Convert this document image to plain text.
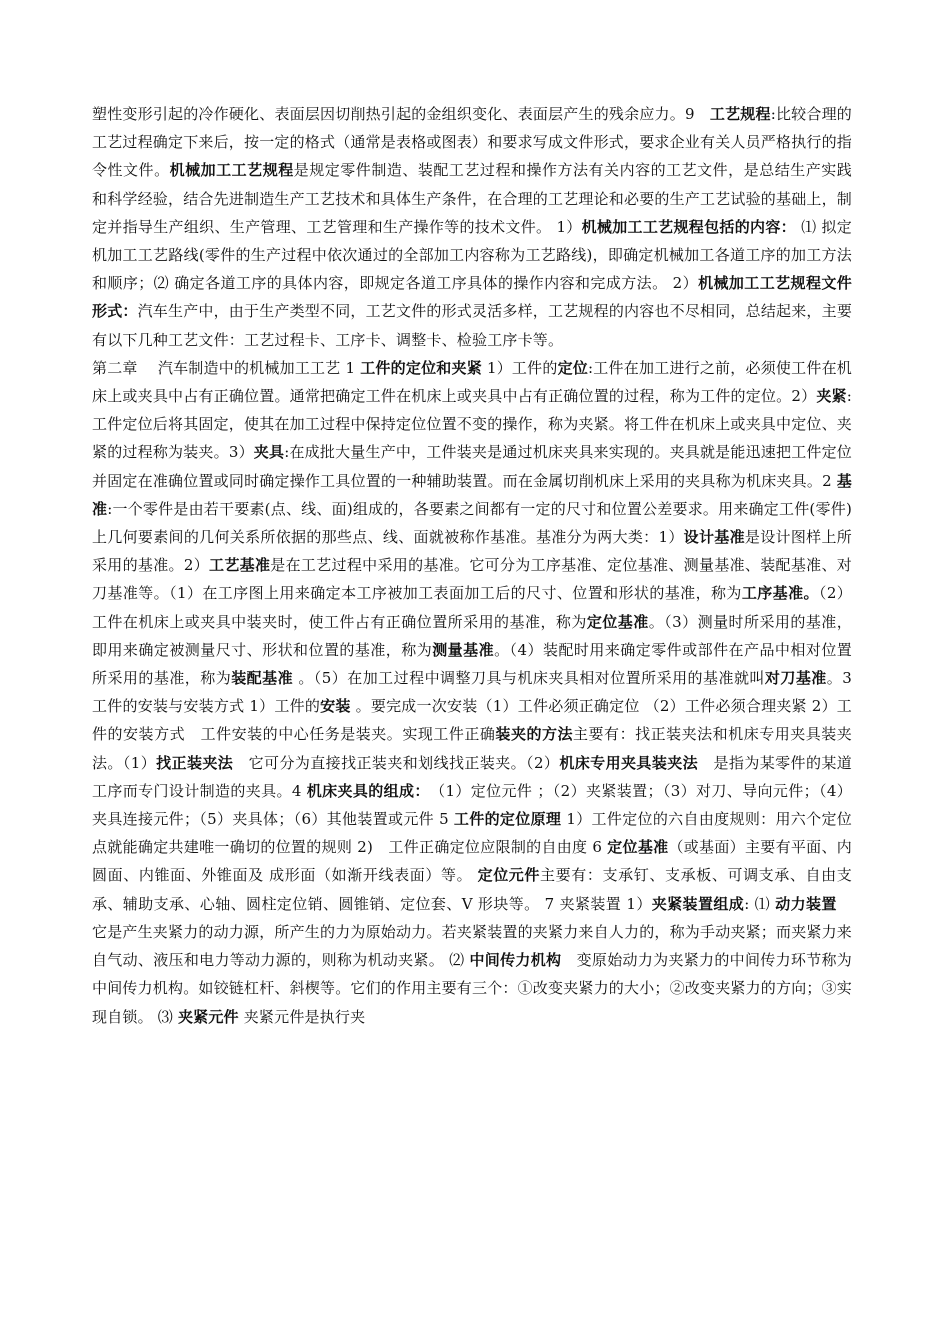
塑性变形引起的冷作硬化、表面层因切削热引起的金组织变化、表面层产生的残余应力。9　工艺规程:比较合理的工艺过程确定下来后，按一定的格式（通常是表格或图表）和要求写成文件形式，要求企业有关人员严格执行的指令性文件。机械加工工艺规程是规定零件制造、装配工艺过程和操作方法有关内容的工艺文件，是总结生产实践和科学经验，结合先进制造生产工艺技术和具体生产条件，在合理的工艺理论和必要的生产工艺试验的基础上，制定并指导生产组织、生产管理、工艺管理和生产操作等的技术文件。 1）机械加工工艺规程包括的内容： ⑴ 拟定机加工工艺路线(零件的生产过程中依次通过的全部加工内容称为工艺路线)，即确定机械加工各道工序的加工方法和顺序；⑵ 确定各道工序的具体内容，即规定各道工序具体的操作内容和完成方法。 2）机械加工工艺规程文件形式：汽车生产中，由于生产类型不同，工艺文件的形式灵活多样，工艺规程的内容也不尽相同，总结起来，主要有以下几种工艺文件：工艺过程卡、工序卡、调整卡、检验工序卡等。

第二章　 汽车制造中的机械加工工艺 1 工件的定位和夹紧 1）工件的定位:工件在加工进行之前，必须使工件在机床上或夹具中占有正确位置。通常把确定工件在机床上或夹具中占有正确位置的过程，称为工件的定位。2）夹紧:工件定位后将其固定，使其在加工过程中保持定位位置不变的操作，称为夹紧。将工件在机床上或夹具中定位、夹紧的过程称为装夹。3）夹具:在成批大量生产中，工件装夹是通过机床夹具来实现的。夹具就是能迅速把工件定位并固定在准确位置或同时确定操作工具位置的一种辅助装置。而在金属切削机床上采用的夹具称为机床夹具。2 基准:一个零件是由若干要素(点、线、面)组成的，各要素之间都有一定的尺寸和位置公差要求。用来确定工件(零件)上几何要素间的几何关系所依据的那些点、线、面就被称作基准。基准分为两大类：1）设计基准是设计图样上所采用的基准。2）工艺基准是在工艺过程中采用的基准。它可分为工序基准、定位基准、测量基准、装配基准、对刀基准等。（1）在工序图上用来确定本工序被加工表面加工后的尺寸、位置和形状的基准，称为工序基准。（2）工件在机床上或夹具中装夹时，使工件占有正确位置所采用的基准，称为定位基准。（3）测量时所采用的基准，即用来确定被测量尺寸、形状和位置的基准，称为测量基准。（4）装配时用来确定零件或部件在产品中相对位置所采用的基准，称为装配基准 。（5）在加工过程中调整刀具与机床夹具相对位置所采用的基准就叫对刀基准。3 工件的安装与安装方式 1）工件的安装 。要完成一次安装（1）工件必须正确定位 （2）工件必须合理夹紧 2）工件的安装方式　工件安装的中心任务是装夹。实现工件正确装夹的方法主要有：找正装夹法和机床专用夹具装夹法。（1）找正装夹法　它可分为直接找正装夹和划线找正装夹。（2）机床专用夹具装夹法　是指为某零件的某道工序而专门设计制造的夹具。4 机床夹具的组成：　（1）定位元件 ；（2）夹紧装置；（3）对刀、导向元件；（4）夹具连接元件；（5）夹具体；（6）其他装置或元件 5 工件的定位原理 1）工件定位的六自由度规则：用六个定位点就能确定共建唯一确切的位置的规则 2)　工件正确定位应限制的自由度 6 定位基准（或基面）主要有平面、内圆面、内锥面、外锥面及 成形面（如渐开线表面）等。 定位元件主要有：支承钉、支承板、可调支承、自由支承、辅助支承、心轴、圆柱定位销、圆锥销、定位套、V 形块等。 7 夹紧装置 1）夹紧装置组成: ⑴ 动力装置　它是产生夹紧力的动力源，所产生的力为原始动力。若夹紧装置的夹紧力来自人力的，称为手动夹紧；而夹紧力来自气动、液压和电力等动力源的，则称为机动夹紧。 ⑵ 中间传力机构　变原始动力为夹紧力的中间传力环节称为中间传力机构。如铰链杠杆、斜楔等。它们的作用主要有三个：①改变夹紧力的大小；②改变夹紧力的方向；③实现自锁。 ⑶ 夹紧元件 夹紧元件是执行夹
